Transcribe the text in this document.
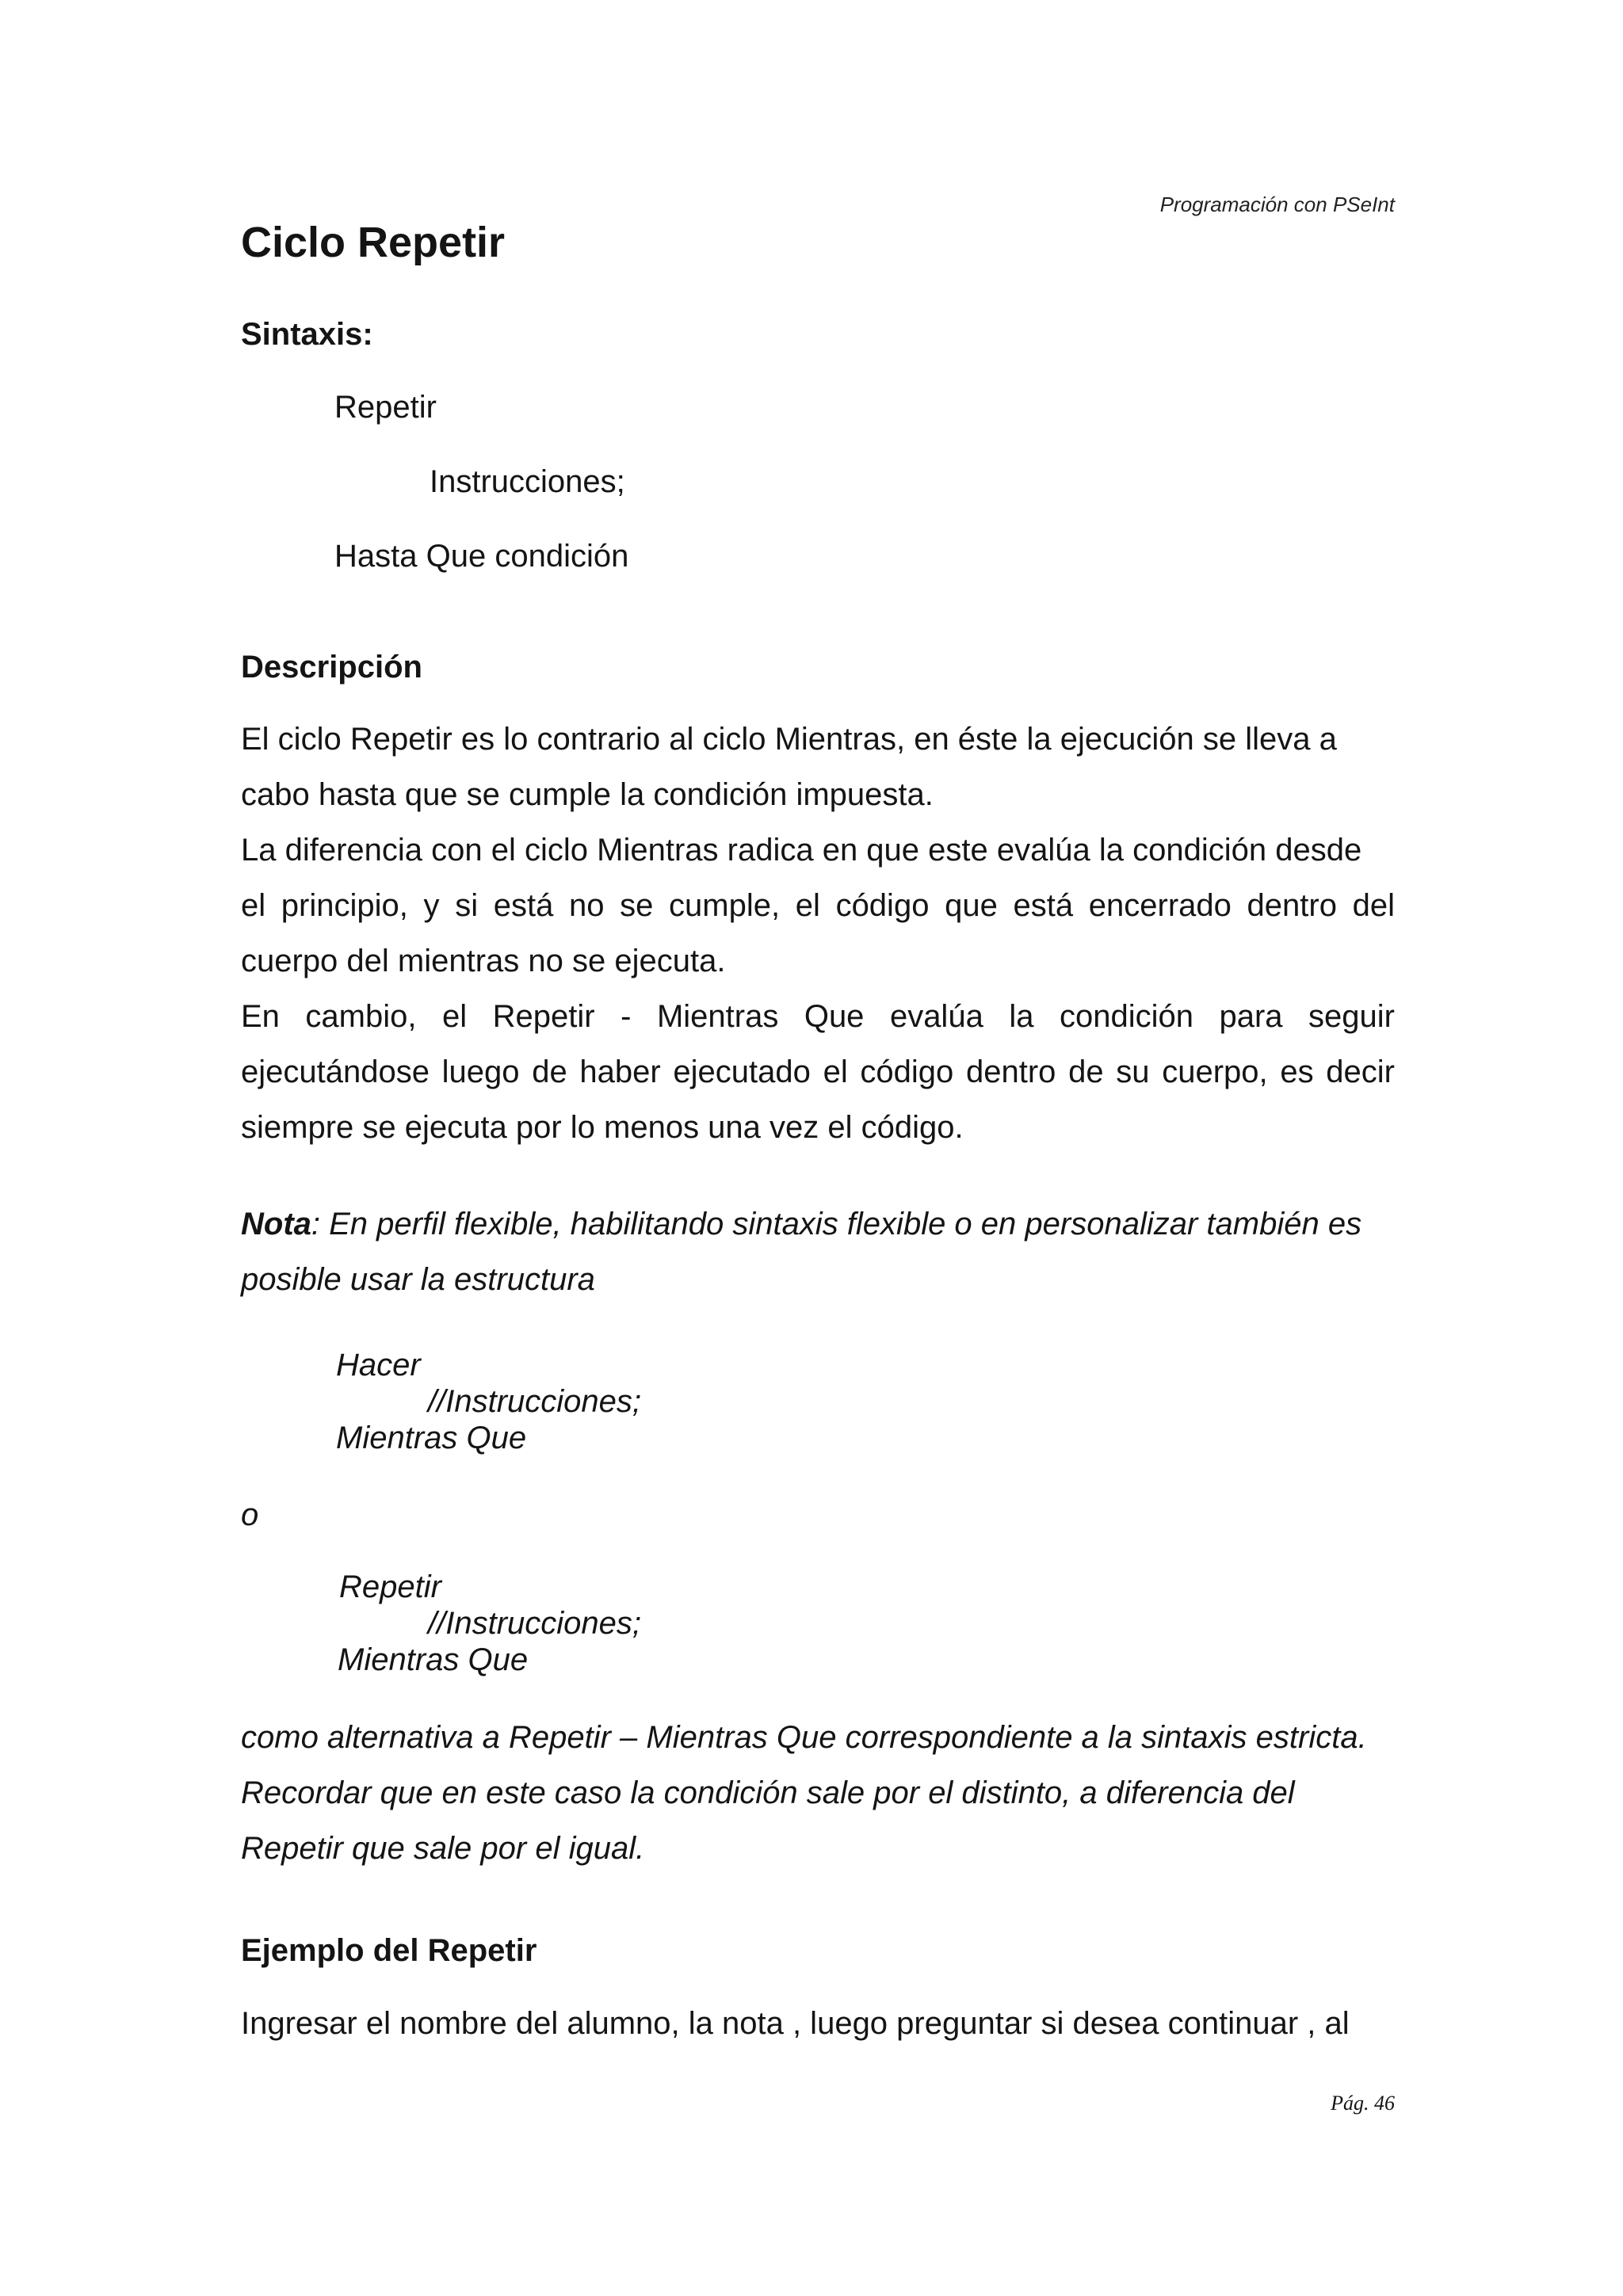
Programación con PSeInt
Ciclo Repetir
Sintaxis:
Repetir
Instrucciones;
Hasta Que condición
Descripción
El ciclo Repetir es lo contrario al ciclo Mientras, en éste la ejecución se lleva a
cabo hasta que se cumple la condición impuesta.
La diferencia con el ciclo Mientras radica en que este evalúa la condición desde
el principio, y si está no se cumple, el código que está encerrado dentro del
cuerpo del mientras no se ejecuta.
En cambio, el Repetir - Mientras Que evalúa la condición para seguir
ejecutándose luego de haber ejecutado el código dentro de su cuerpo, es decir
siempre se ejecuta por lo menos una vez el código.
Nota: En perfil flexible, habilitando sintaxis flexible o en personalizar también es
posible usar la estructura
Hacer
//Instrucciones;
Mientras Que
o
Repetir
//Instrucciones;
Mientras Que
como alternativa a Repetir – Mientras Que correspondiente a la sintaxis estricta.
Recordar que en este caso la condición sale por el distinto, a diferencia del
Repetir que sale por el igual.
Ejemplo del Repetir
Ingresar el nombre del alumno, la nota , luego preguntar si desea continuar , al
Pág. 46
